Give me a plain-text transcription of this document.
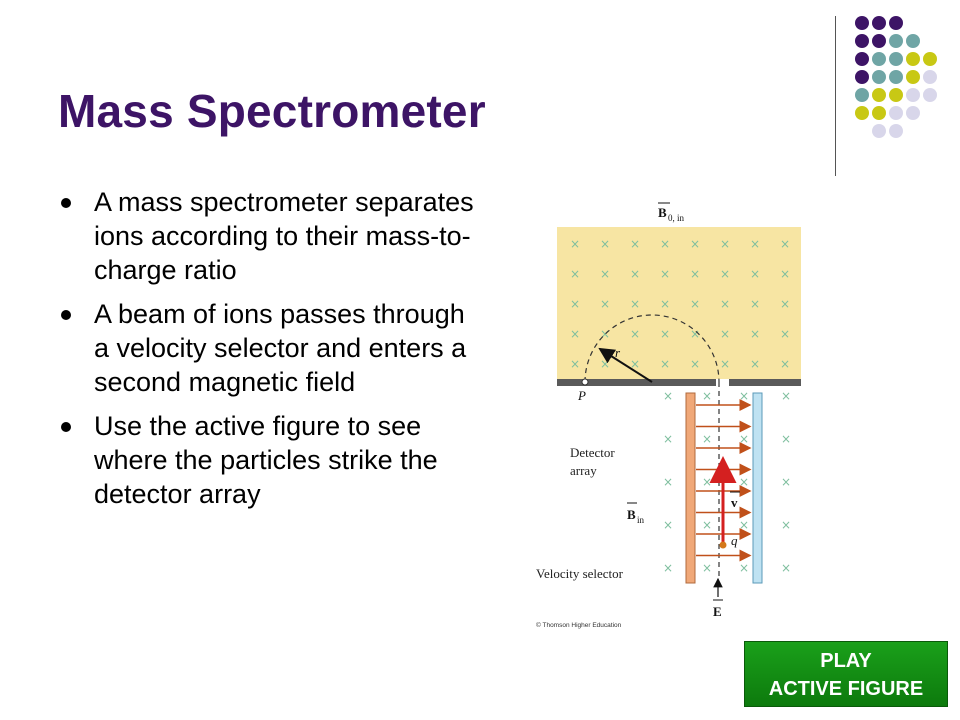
Mass Spectrometer
A mass spectrometer separates ions according to their mass-to-charge ratio
A beam of ions passes through a velocity selector and enters a second magnetic field
Use the active figure to see where the particles strike the detector array
× × × × × × × ×
× × × × × × × ×
× × × × × × × ×
× × × × × × × ×
× × × × × × × ×
B 0, in
r
P	× × ×	×
× × ×	×
× × ×	×
× × ×	×
× × ×	×
v
q
B in
Detector
array
Velocity selector
E
© Thomson Higher Education
PLAY
ACTIVE FIGURE
